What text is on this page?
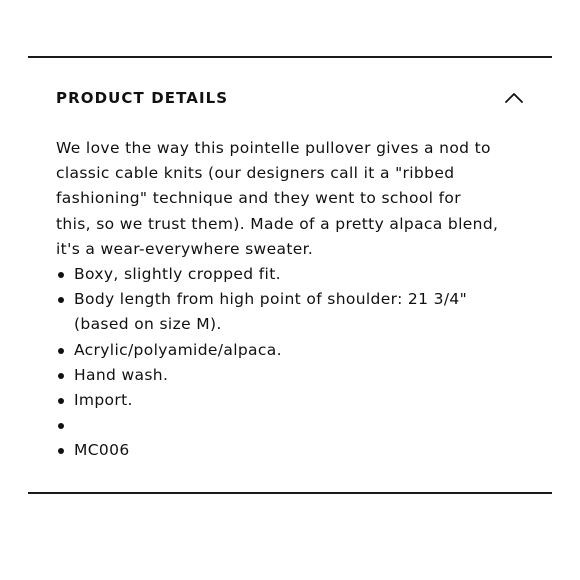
PRODUCT DETAILS

We love the way this pointelle pullover gives a nod to
classic cable knits (our designers call it a "ribbed
fashioning" technique and they went to school for
this, so we trust them). Made of a pretty alpaca blend,
it's a wear-everywhere sweater.

Boxy, slightly cropped fit.
Body length from high point of shoulder: 21 3/4"
(based on size M).
Acrylic/polyamide/alpaca.
Hand wash.
Import.
MC006
